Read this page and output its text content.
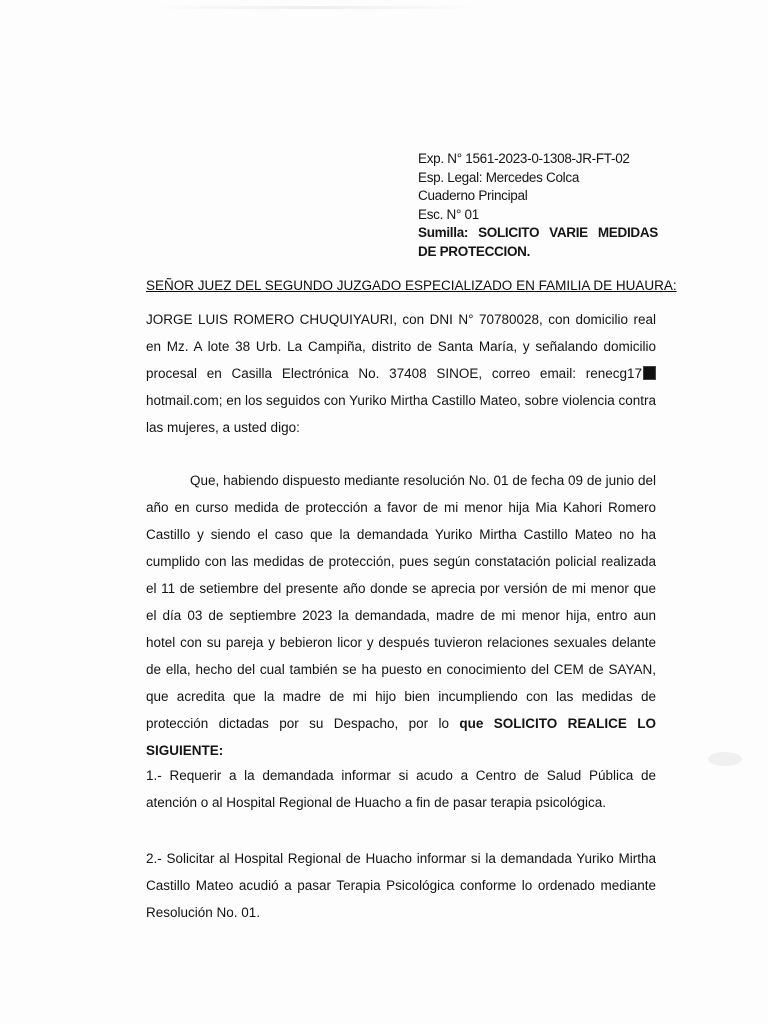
Exp. N° 1561-2023-0-1308-JR-FT-02
Esp. Legal: Mercedes Colca
Cuaderno Principal
Esc. N° 01
Sumilla: SOLICITO VARIE MEDIDAS DE PROTECCION.
SEÑOR JUEZ DEL SEGUNDO JUZGADO ESPECIALIZADO EN FAMILIA DE HUAURA:
JORGE LUIS ROMERO CHUQUIYAURI, con DNI N° 70780028, con domicilio real en Mz. A lote 38 Urb. La Campiña, distrito de Santa María, y señalando domicilio procesal en Casilla Electrónica No. 37408 SINOE, correo email: renecg17 hotmail.com; en los seguidos con Yuriko Mirtha Castillo Mateo, sobre violencia contra las mujeres, a usted digo:
Que, habiendo dispuesto mediante resolución No. 01 de fecha 09 de junio del año en curso medida de protección a favor de mi menor hija Mia Kahori Romero Castillo y siendo el caso que la demandada Yuriko Mirtha Castillo Mateo no ha cumplido con las medidas de protección, pues según constatación policial realizada el 11 de setiembre del presente año donde se aprecia por versión de mi menor que el día 03 de septiembre 2023 la demandada, madre de mi menor hija, entro aun hotel con su pareja y bebieron licor y después tuvieron relaciones sexuales delante de ella, hecho del cual también se ha puesto en conocimiento del CEM de SAYAN, que acredita que la madre de mi hijo bien incumpliendo con las medidas de protección dictadas por su Despacho, por lo que SOLICITO REALICE LO SIGUIENTE:
1.- Requerir a la demandada informar si acudo a Centro de Salud Pública de atención o al Hospital Regional de Huacho a fin de pasar terapia psicológica.
2.- Solicitar al Hospital Regional de Huacho informar si la demandada Yuriko Mirtha Castillo Mateo acudió a pasar Terapia Psicológica conforme lo ordenado mediante Resolución No. 01.
